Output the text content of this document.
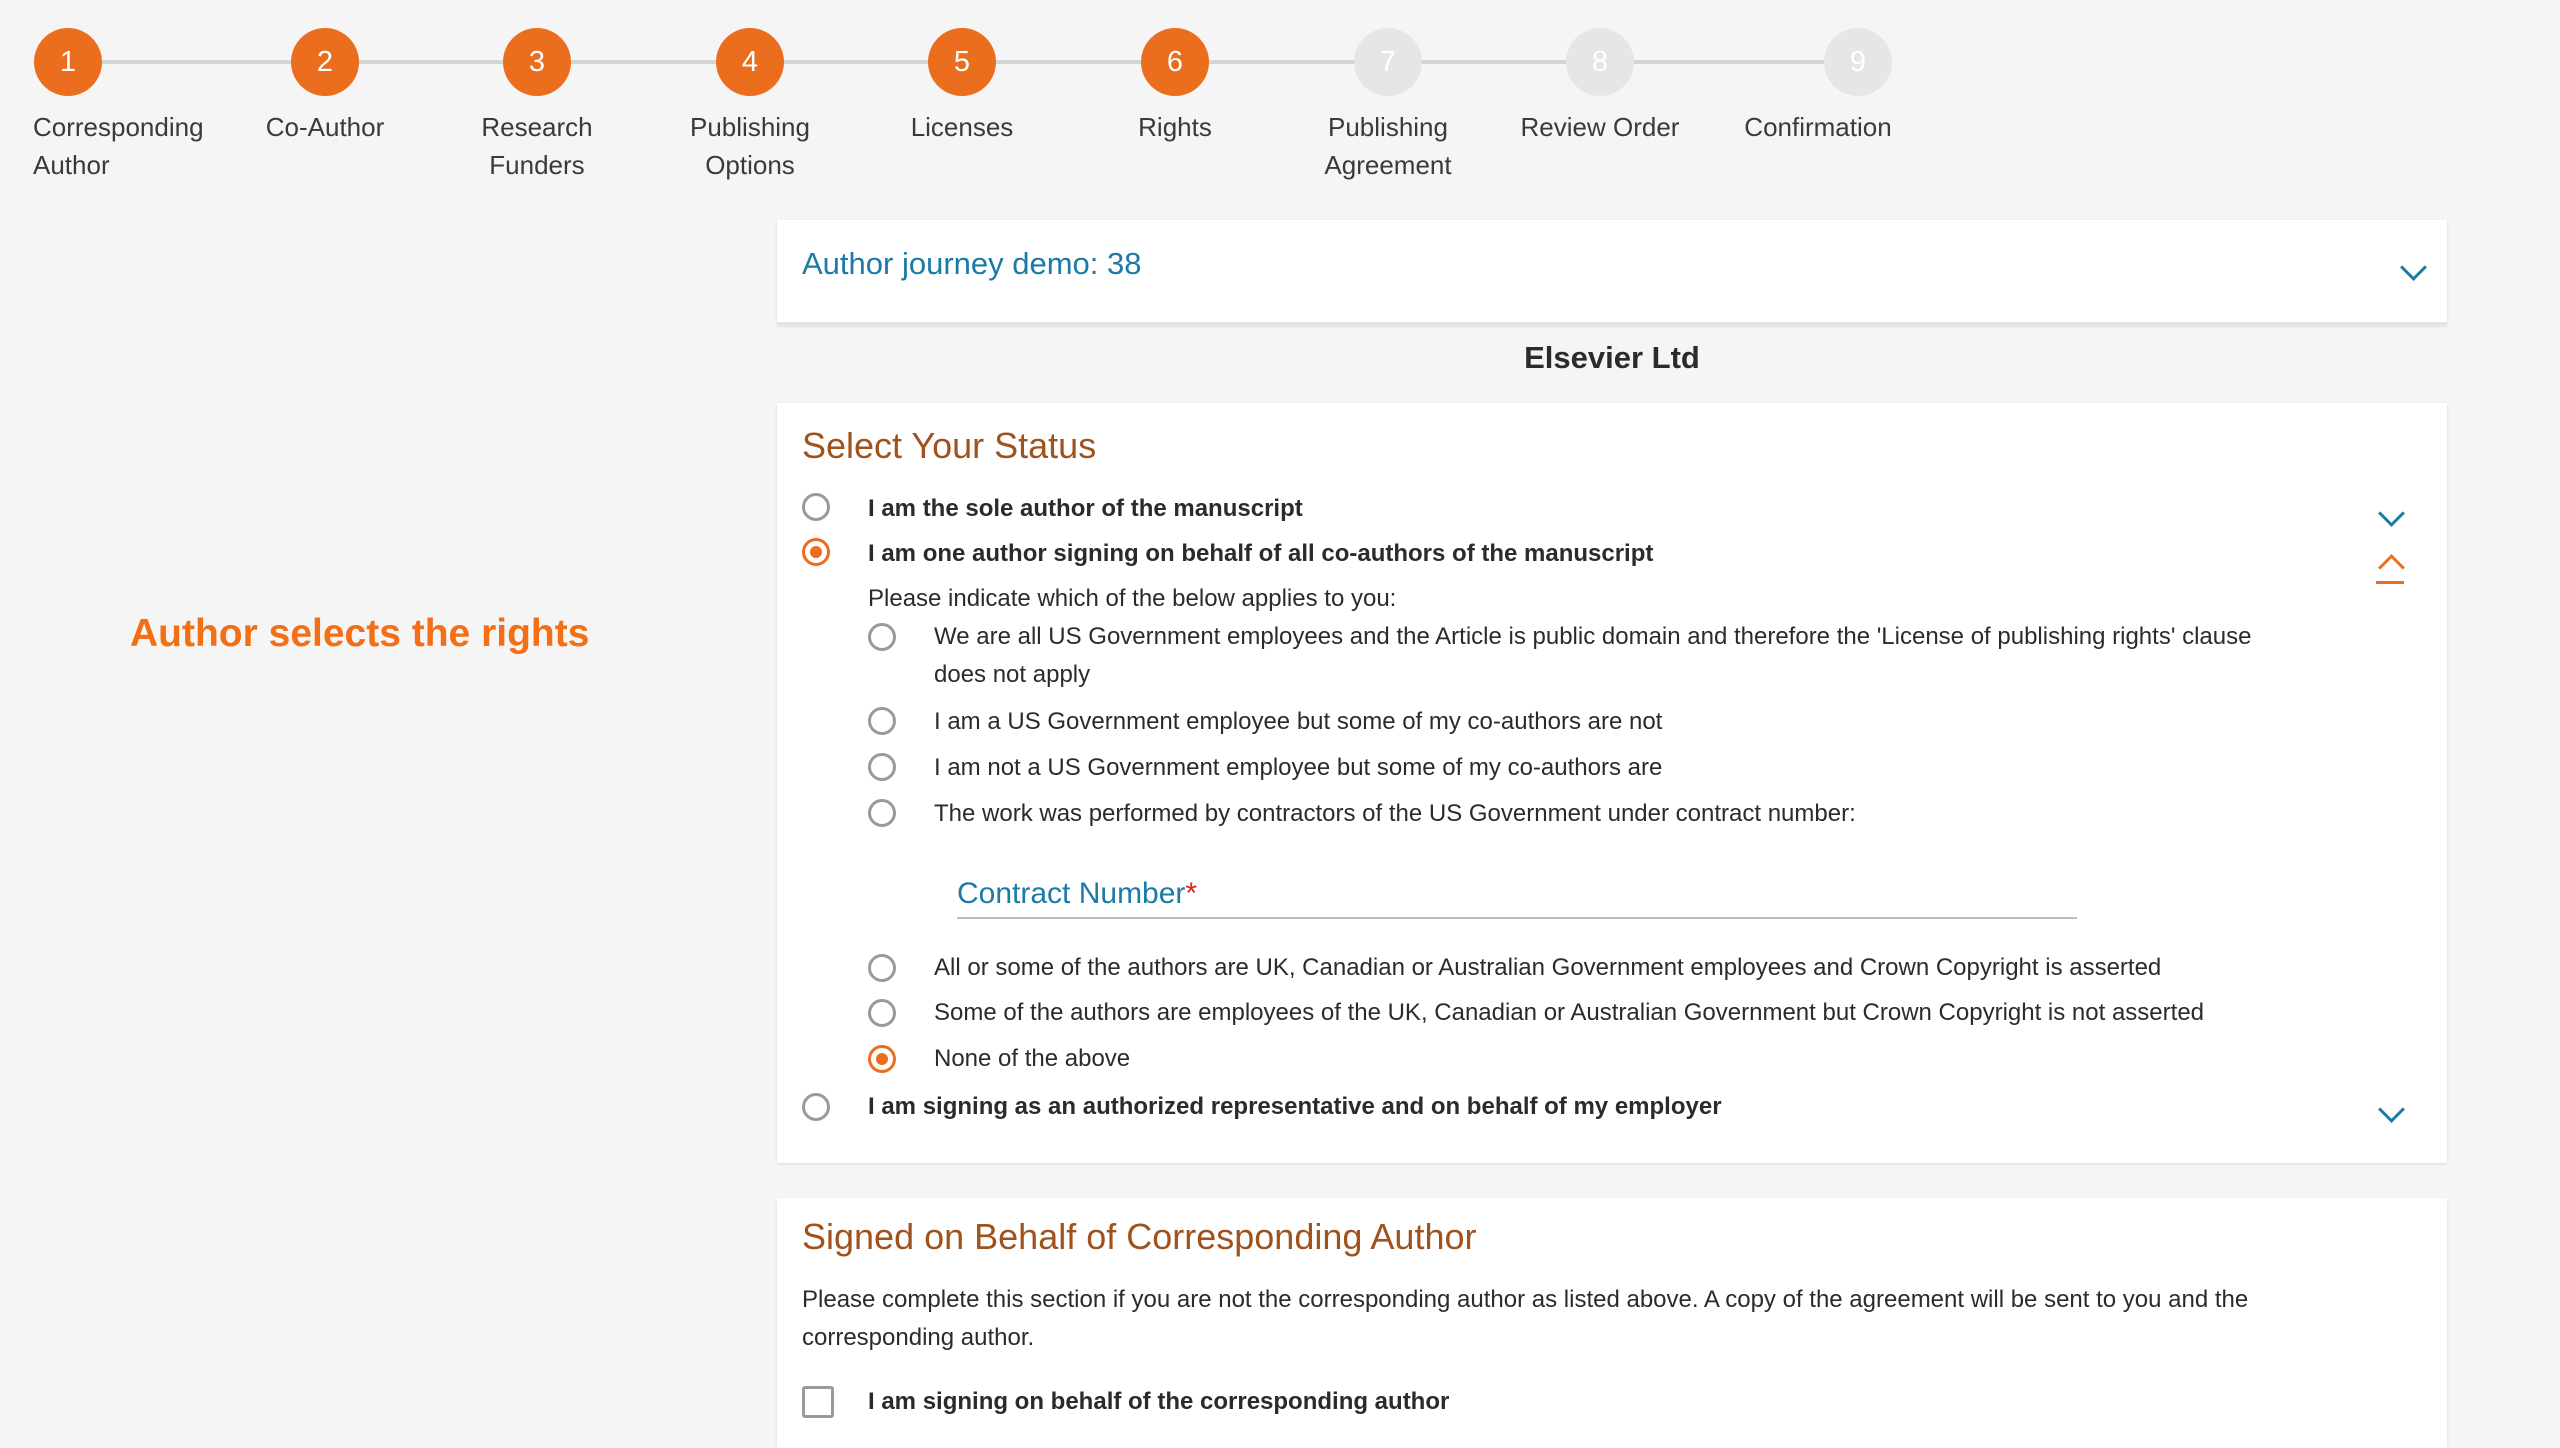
1	2	3	4	5	6	7	8	9
Corresponding Author
Co-Author	Research Funders
Publishing Options
Licenses	Rights	Publishing Agreement
Review Order	Confirmation
Author selects the rights
Author journey demo: 38
Elsevier Ltd
Select Your Status
I am the sole author of the manuscript
I am one author signing on behalf of all co-authors of the manuscript
Please indicate which of the below applies to you:
We are all US Government employees and the Article is public domain and therefore the 'License of publishing rights' clause does not apply
I am a US Government employee but some of my co-authors are not
I am not a US Government employee but some of my co-authors are
The work was performed by contractors of the US Government under contract number:
Contract Number*
All or some of the authors are UK, Canadian or Australian Government employees and Crown Copyright is asserted
Some of the authors are employees of the UK, Canadian or Australian Government but Crown Copyright is not asserted
None of the above
I am signing as an authorized representative and on behalf of my employer
Signed on Behalf of Corresponding Author
Please complete this section if you are not the corresponding author as listed above. A copy of the agreement will be sent to you and the corresponding author.
I am signing on behalf of the corresponding author
